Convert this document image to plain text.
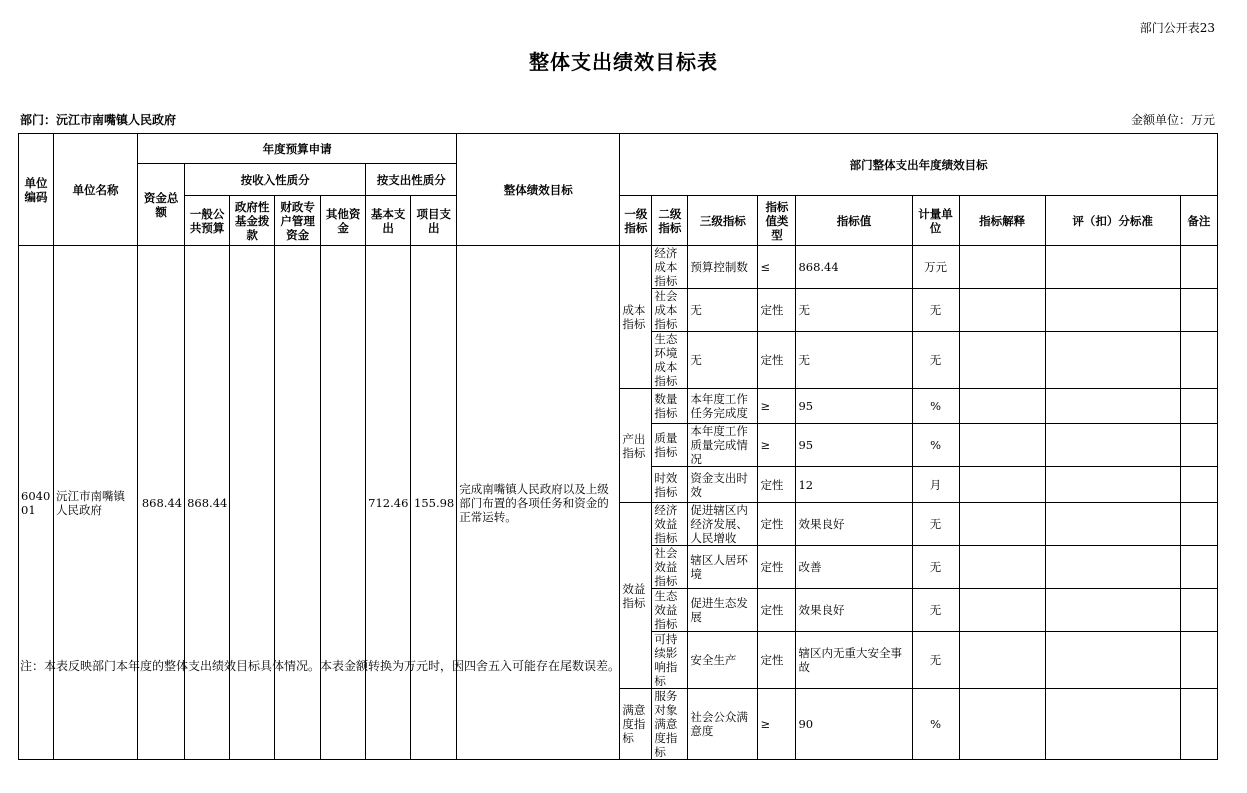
部门公开表23
整体支出绩效目标表
部门：沅江市南嘴镇人民政府	金额单位：万元
单位编码	单位名称	年度预算申请							整体绩效目标	部门整体支出年度绩效目标								
		资金总额	按收入性质分				按支出性质分											
			一般公共预算	政府性基金拨款	财政专户管理资金	其他资金	基本支出	项目支出		一级指标	二级指标	三级指标	指标值类型	指标值	计量单位	指标解释	评（扣）分标准	备注
604001	沅江市南嘴镇人民政府	868.44	868.44				712.46	155.98	完成南嘴镇人民政府以及上级部门布置的各项任务和资金的正常运转。	成本指标	经济成本指标	预算控制数	≤	868.44	万元			
											社会成本指标	无	定性	无	无			
											生态环境成本指标	无	定性	无	无			
										产出指标	数量指标	本年度工作任务完成度	≥	95	%			
											质量指标	本年度工作质量完成情况	≥	95	%			
											时效指标	资金支出时效	定性	12	月			
										效益指标	经济效益指标	促进辖区内经济发展、人民增收	定性	效果良好	无			
											社会效益指标	辖区人居环境	定性	改善	无			
											生态效益指标	促进生态发展	定性	效果良好	无			
											可持续影响指标	安全生产	定性	辖区内无重大安全事故	无			
										满意度指标	服务对象满意度指标	社会公众满意度	≥	90	%			
注：本表反映部门本年度的整体支出绩效目标具体情况。本表金额转换为万元时，因四舍五入可能存在尾数误差。
